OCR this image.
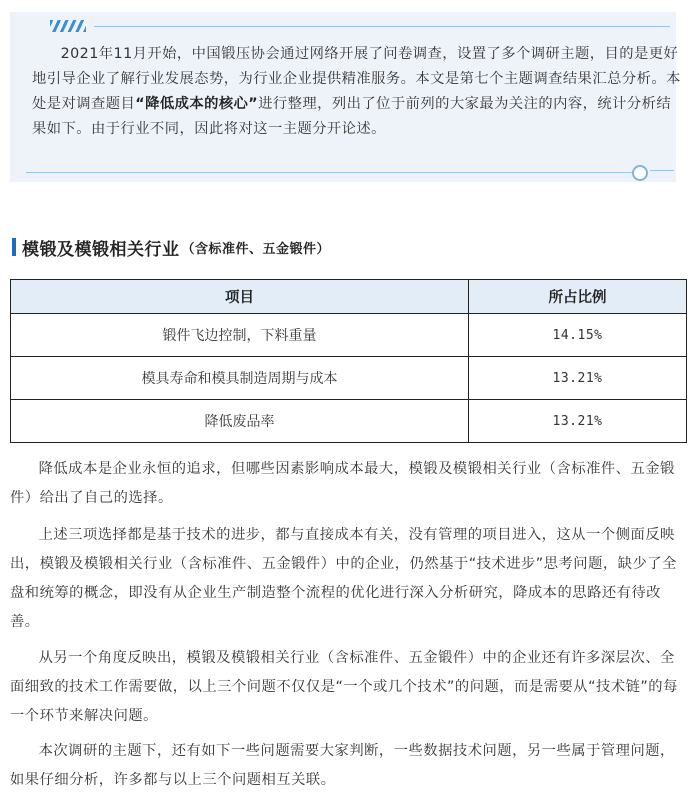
2021年11月开始，中国锻压协会通过网络开展了问卷调查，设置了多个调研主题，目的是更好地引导企业了解行业发展态势，为行业企业提供精准服务。本文是第七个主题调查结果汇总分析。本处是对调查题目“降低成本的核心”进行整理，列出了位于前列的大家最为关注的内容，统计分析结果如下。由于行业不同，因此将对这一主题分开论述。

模锻及模锻相关行业 （含标准件、五金锻件）
项目	所占比例
锻件飞边控制，下料重量	14.15%
模具寿命和模具制造周期与成本	13.21%
降低废品率	13.21%

降低成本是企业永恒的追求，但哪些因素影响成本最大，模锻及模锻相关行业（含标准件、五金锻件）给出了自己的选择。

上述三项选择都是基于技术的进步，都与直接成本有关，没有管理的项目进入，这从一个侧面反映出，模锻及模锻相关行业（含标准件、五金锻件）中的企业，仍然基于“技术进步”思考问题，缺少了全盘和统筹的概念，即没有从企业生产制造整个流程的优化进行深入分析研究，降成本的思路还有待改善。

从另一个角度反映出，模锻及模锻相关行业（含标准件、五金锻件）中的企业还有许多深层次、全面细致的技术工作需要做，以上三个问题不仅仅是“一个或几个技术”的问题，而是需要从“技术链”的每一个环节来解决问题。

本次调研的主题下，还有如下一些问题需要大家判断，一些数据技术问题，另一些属于管理问题，如果仔细分析，许多都与以上三个问题相互关联。
